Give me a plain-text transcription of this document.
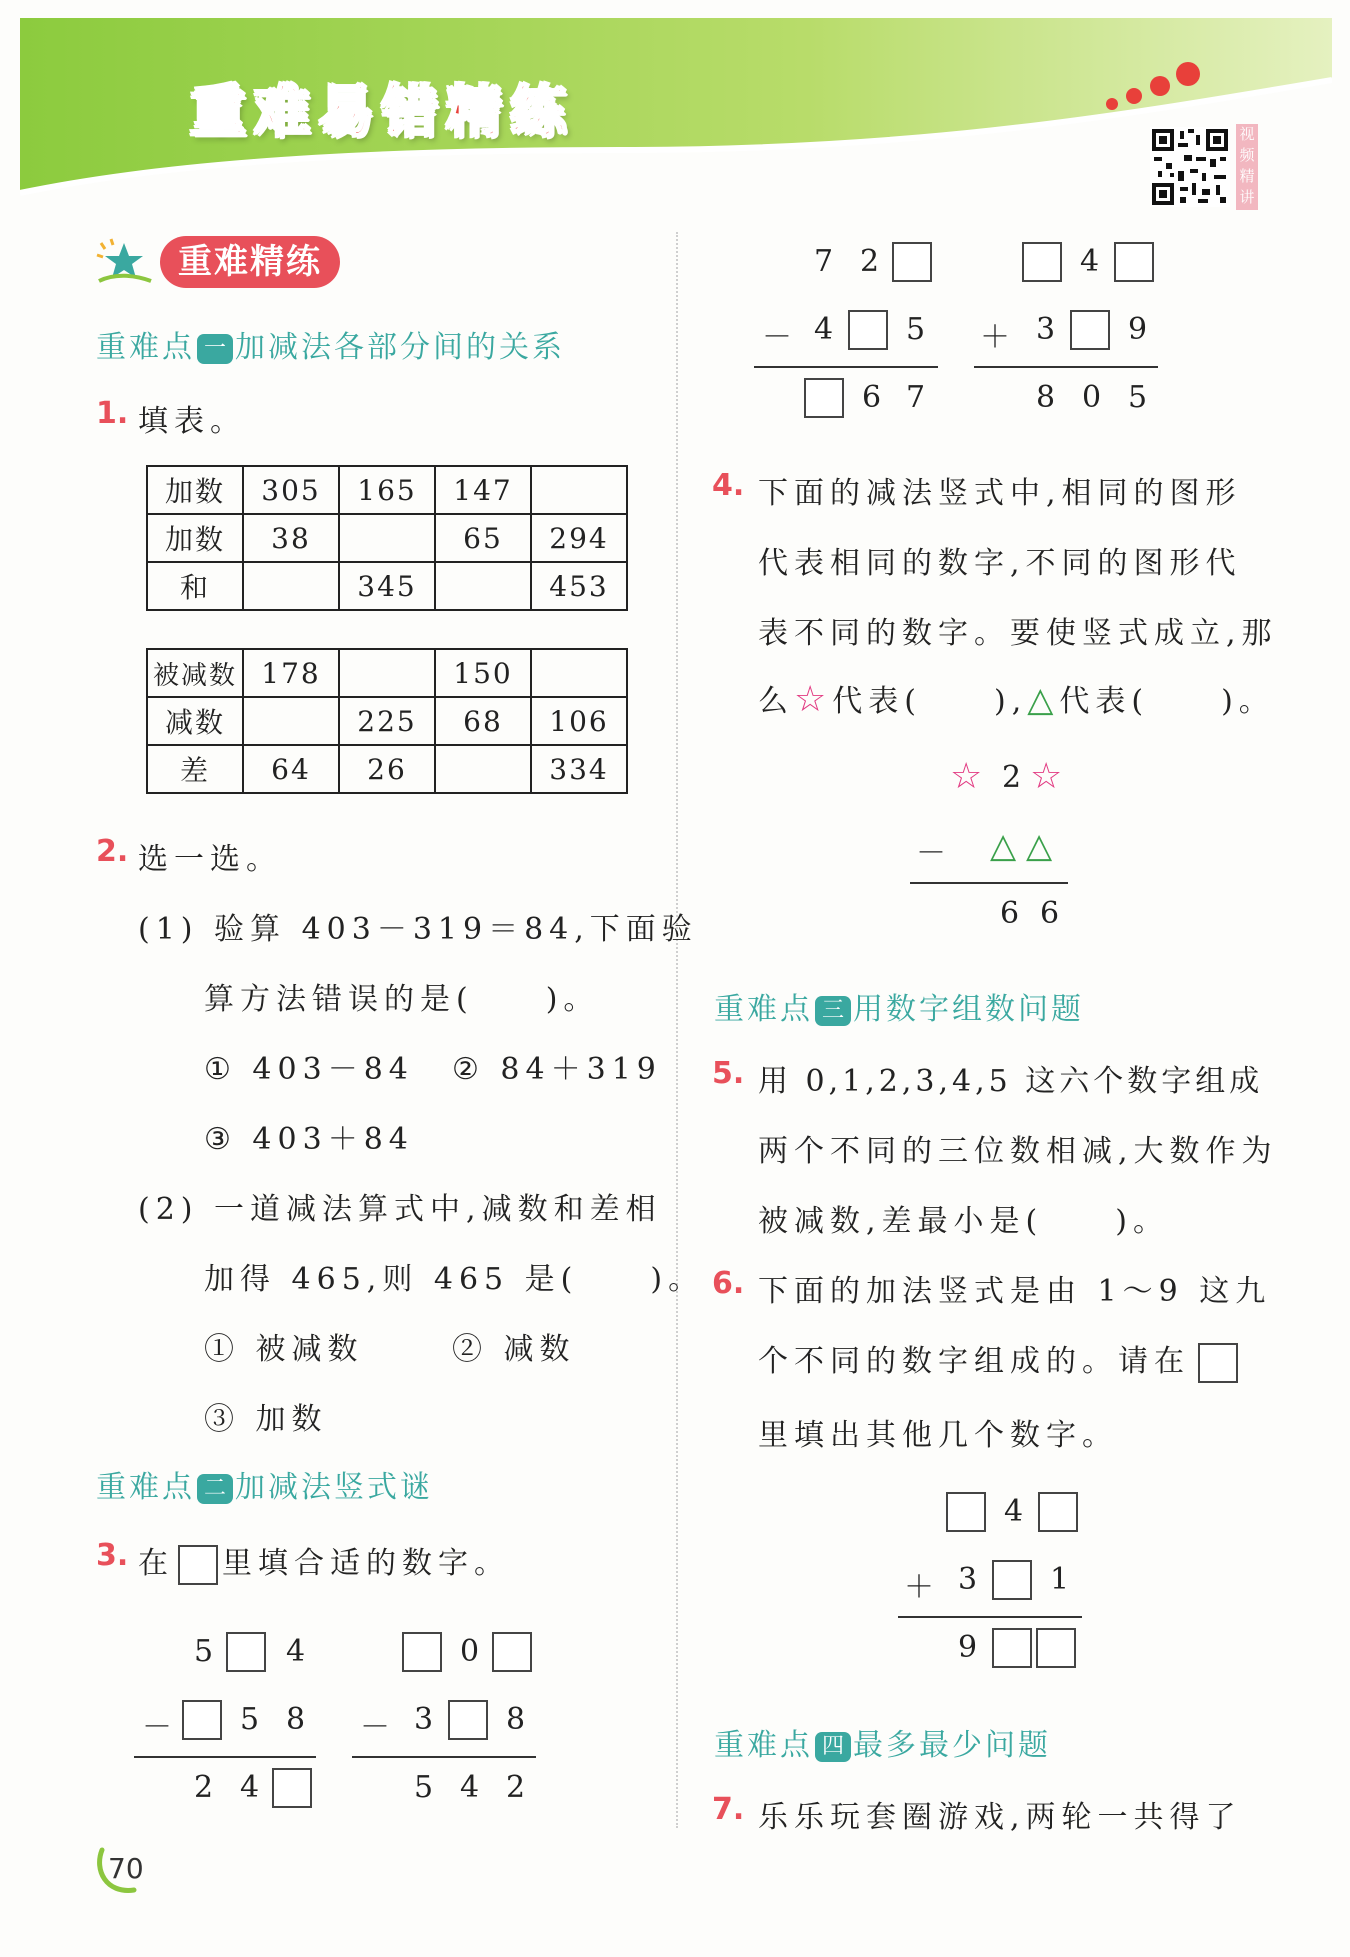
重难易错精练	视频精讲
重难精练
重难点 一 加减法各部分间的关系
1. 填表。
加数	305	165	147	
加数	38		65	294
和		345		453
被减数	178		150	
减数		225	68	106
差	64	26		334
2. 选一选。
(1) 验算 403－319＝84,下面验
算方法错误的是(　　)。
① 403－84 ② 84＋319
③ 403＋84
(2) 一道减法算式中,减数和差相
加得 465,则 465 是(　　)。
① 被减数	② 减数
③ 加数
重难点 二 加减法竖式谜
3. 在 里填合适的数字。
5 4
－ 5 8
2 4
0
－ 3 8
5 4 2
7 2
－ 4 5
6 7
4
＋ 3 9
8 0 5
4. 下面的减法竖式中,相同的图形
代表相同的数字,不同的图形代
表不同的数字。要使竖式成立,那
么☆代表(　　),△代表(　　)。
☆ 2 ☆
－ △ △
6 6
重难点 三 用数字组数问题
5. 用 0,1,2,3,4,5 这六个数字组成
两个不同的三位数相减,大数作为
被减数,差最小是(　　)。
6. 下面的加法竖式是由 1～9 这九
个不同的数字组成的。请在
里填出其他几个数字。
4
＋ 3 1
9
重难点 四 最多最少问题
7. 乐乐玩套圈游戏,两轮一共得了
70
